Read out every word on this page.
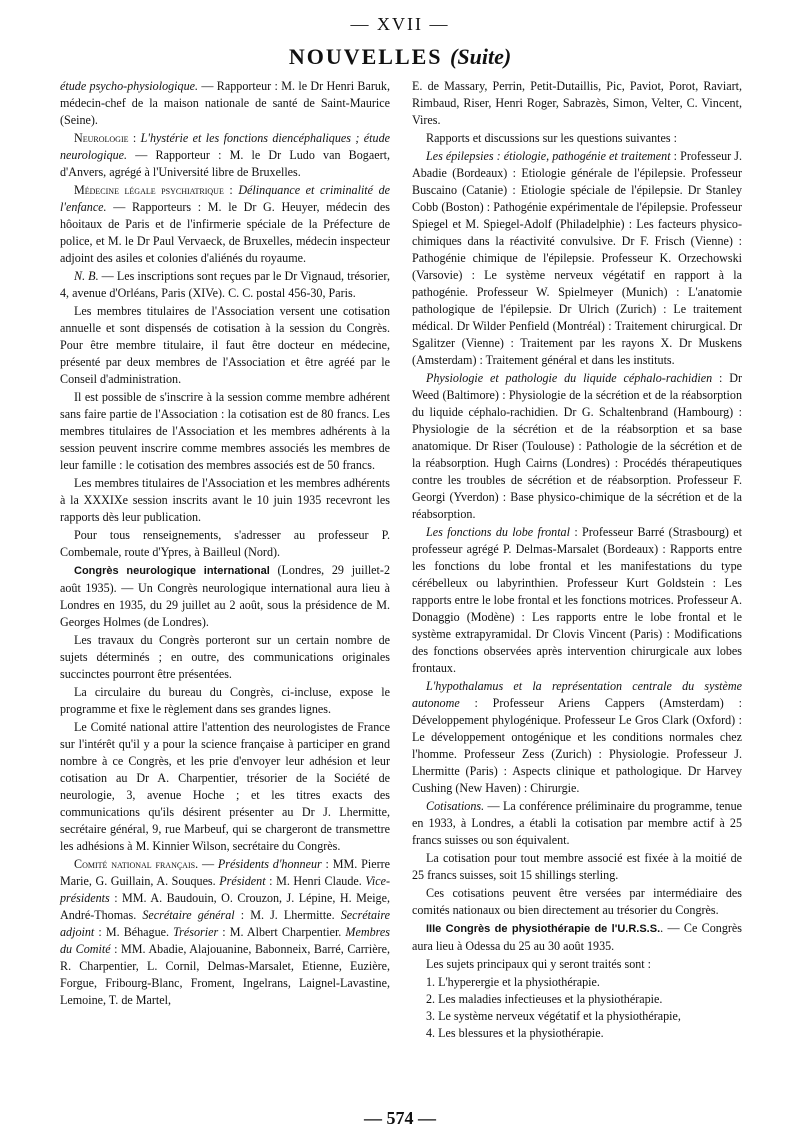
— XVII —
NOUVELLES (Suite)

étude psycho-physiologique. — Rapporteur : M. le Dr Henri Baruk, médecin-chef de la maison nationale de santé de Saint-Maurice (Seine).

Neurologie : L'hystérie et les fonctions diencéphaliques ; étude neurologique. — Rapporteur : M. le Dr Ludo van Bogaert, d'Anvers, agrégé à l'Université libre de Bruxelles.

Médecine légale psychiatrique : Délinquance et criminalité de l'enfance. — Rapporteurs : M. le Dr G. Heuyer, médecin des hôoitaux de Paris et de l'infirmerie spéciale de la Préfecture de police, et M. le Dr Paul Vervaeck, de Bruxelles, médecin inspecteur adjoint des asiles et colonies d'aliénés du royaume.

N. B. — Les inscriptions sont reçues par le Dr Vignaud, trésorier, 4, avenue d'Orléans, Paris (XIVe). C. C. postal 456-30, Paris.

Les membres titulaires de l'Association versent une cotisation annuelle et sont dispensés de cotisation à la session du Congrès. Pour être membre titulaire, il faut être docteur en médecine, présenté par deux membres de l'Association et être agréé par le Conseil d'administration.

Il est possible de s'inscrire à la session comme membre adhérent sans faire partie de l'Association : la cotisation est de 80 francs. Les membres titulaires de l'Association et les membres adhérents à la session peuvent inscrire comme membres associés les membres de leur famille : le cotisation des membres associés est de 50 francs.

Les membres titulaires de l'Association et les membres adhérents à la XXXIXe session inscrits avant le 10 juin 1935 recevront les rapports dès leur publication.

Pour tous renseignements, s'adresser au professeur P. Combemale, route d'Ypres, à Bailleul (Nord).

Congrès neurologique international (Londres, 29 juillet-2 août 1935). — Un Congrès neurologique international aura lieu à Londres en 1935, du 29 juillet au 2 août, sous la présidence de M. Georges Holmes (de Londres).

Les travaux du Congrès porteront sur un certain nombre de sujets déterminés ; en outre, des communications originales succinctes pourront être présentées.

La circulaire du bureau du Congrès, ci-incluse, expose le programme et fixe le règlement dans ses grandes lignes.

Le Comité national attire l'attention des neurologistes de France sur l'intérêt qu'il y a pour la science française à participer en grand nombre à ce Congrès, et les prie d'envoyer leur adhésion et leur cotisation au Dr A. Charpentier, trésorier de la Société de neurologie, 3, avenue Hoche ; et les titres exacts des communications qu'ils désirent présenter au Dr J. Lhermitte, secrétaire général, 9, rue Marbeuf, qui se chargeront de transmettre les adhésions à M. Kinnier Wilson, secrétaire du Congrès.

Comité national français. — Présidents d'honneur : MM. Pierre Marie, G. Guillain, A. Souques. Président : M. Henri Claude. Vice-présidents : MM. A. Baudouin, O. Crouzon, J. Lépine, H. Meige, André-Thomas. Secrétaire général : M. J. Lhermitte. Secrétaire adjoint : M. Béhague. Trésorier : M. Albert Charpentier. Membres du Comité : MM. Abadie, Alajouanine, Babonneix, Barré, Carrière, R. Charpentier, L. Cornil, Delmas-Marsalet, Etienne, Euzière, Forgue, Fribourg-Blanc, Froment, Ingelrans, Laignel-Lavastine, Lemoine, T. de Martel,

E. de Massary, Perrin, Petit-Dutaillis, Pic, Paviot, Porot, Raviart, Rimbaud, Riser, Henri Roger, Sabrazès, Simon, Velter, C. Vincent, Vires.

Rapports et discussions sur les questions suivantes :

Les épilepsies : étiologie, pathogénie et traitement : Professeur J. Abadie (Bordeaux) : Etiologie générale de l'épilepsie. Professeur Buscaino (Catanie) : Etiologie spéciale de l'épilepsie. Dr Stanley Cobb (Boston) : Pathogénie expérimentale de l'épilepsie. Professeur Spiegel et M. Spiegel-Adolf (Philadelphie) : Les facteurs physico-chimiques dans la réactivité convulsive. Dr F. Frisch (Vienne) : Pathogénie chimique de l'épilepsie. Professeur K. Orzechowski (Varsovie) : Le système nerveux végétatif en rapport à la pathogénie. Professeur W. Spielmeyer (Munich) : L'anatomie pathologique de l'épilepsie. Dr Ulrich (Zurich) : Le traitement médical. Dr Wilder Penfield (Montréal) : Traitement chirurgical. Dr Sgalitzer (Vienne) : Traitement par les rayons X. Dr Muskens (Amsterdam) : Traitement général et dans les instituts.

Physiologie et pathologie du liquide céphalo-rachidien : Dr Weed (Baltimore) : Physiologie de la sécrétion et de la réabsorption du liquide céphalo-rachidien. Dr G. Schaltenbrand (Hambourg) : Physiologie de la sécrétion et de la réabsorption et sa base anatomique. Dr Riser (Toulouse) : Pathologie de la sécrétion et de la réabsorption. Hugh Cairns (Londres) : Procédés thérapeutiques contre les troubles de sécrétion et de réabsorption. Professeur F. Georgi (Yverdon) : Base physico-chimique de la sécrétion et de la réabsorption.

Les fonctions du lobe frontal : Professeur Barré (Strasbourg) et professeur agrégé P. Delmas-Marsalet (Bordeaux) : Rapports entre les fonctions du lobe frontal et les manifestations du type cérébelleux ou labyrinthien. Professeur Kurt Goldstein : Les rapports entre le lobe frontal et les fonctions motrices. Professeur A. Donaggio (Modène) : Les rapports entre le lobe frontal et le système extrapyramidal. Dr Clovis Vincent (Paris) : Modifications des fonctions observées après intervention chirurgicale aux lobes frontaux.

L'hypothalamus et la représentation centrale du système autonome : Professeur Ariens Cappers (Amsterdam) : Développement phylogénique. Professeur Le Gros Clark (Oxford) : Le développement ontogénique et les conditions normales chez l'homme. Professeur Zess (Zurich) : Physiologie. Professeur J. Lhermitte (Paris) : Aspects clinique et pathologique. Dr Harvey Cushing (New Haven) : Chirurgie.

Cotisations. — La conférence préliminaire du programme, tenue en 1933, à Londres, a établi la cotisation par membre actif à 25 francs suisses ou son équivalent.

La cotisation pour tout membre associé est fixée à la moitié de 25 francs suisses, soit 15 shillings sterling.

Ces cotisations peuvent être versées par intermédiaire des comités nationaux ou bien directement au trésorier du Congrès.

IIIe Congrès de physiothérapie de l'U.R.S.S.. — Ce Congrès aura lieu à Odessa du 25 au 30 août 1935.

Les sujets principaux qui y seront traités sont :

1. L'hyperergie et la physiothérapie.
2. Les maladies infectieuses et la physiothérapie.
3. Le système nerveux végétatif et la physiothérapie,
4. Les blessures et la physiothérapie.
— 574 —
